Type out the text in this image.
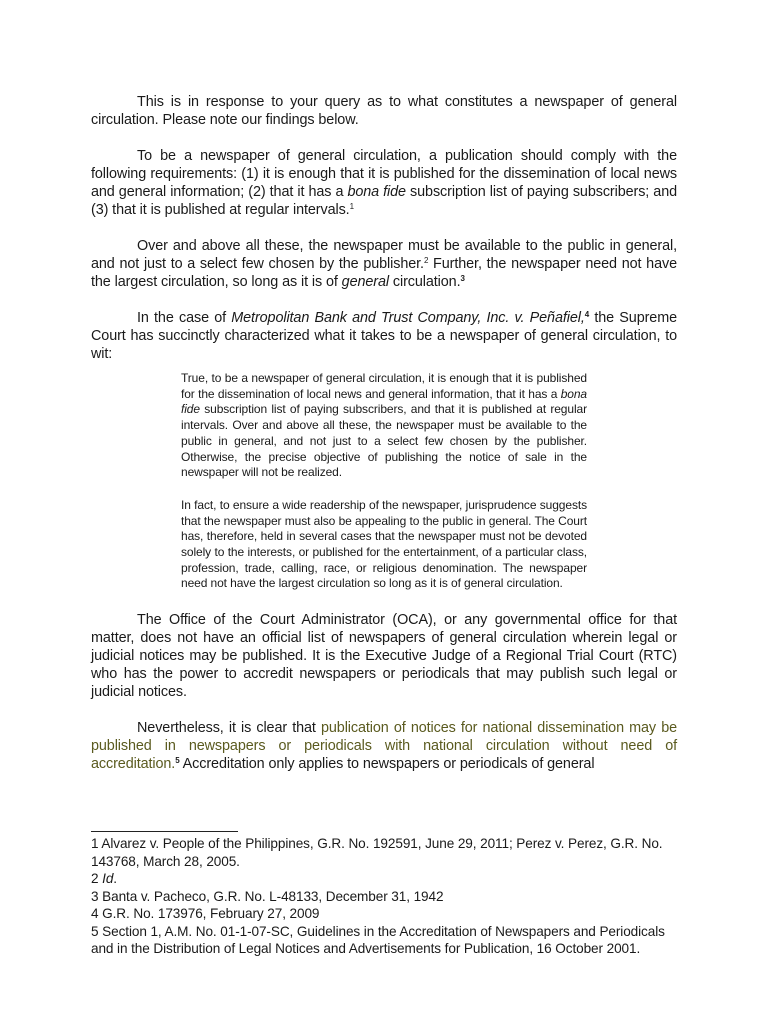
This is in response to your query as to what constitutes a newspaper of general circulation. Please note our findings below.

To be a newspaper of general circulation, a publication should comply with the following requirements: (1) it is enough that it is published for the dissemination of local news and general information; (2) that it has a bona fide subscription list of paying subscribers; and (3) that it is published at regular intervals.$^1$

Over and above all these, the newspaper must be available to the public in general, and not just to a select few chosen by the publisher.$^2$ Further, the newspaper need not have the largest circulation, so long as it is of general circulation.$^3$

In the case of Metropolitan Bank and Trust Company, Inc. v. Peñafiel,$^4$ the Supreme Court has succinctly characterized what it takes to be a newspaper of general circulation, to wit:

True, to be a newspaper of general circulation, it is enough that it is published for the dissemination of local news and general information, that it has a bona fide subscription list of paying subscribers, and that it is published at regular intervals. Over and above all these, the newspaper must be available to the public in general, and not just to a select few chosen by the publisher. Otherwise, the precise objective of publishing the notice of sale in the newspaper will not be realized.

In fact, to ensure a wide readership of the newspaper, jurisprudence suggests that the newspaper must also be appealing to the public in general. The Court has, therefore, held in several cases that the newspaper must not be devoted solely to the interests, or published for the entertainment, of a particular class, profession, trade, calling, race, or religious denomination. The newspaper need not have the largest circulation so long as it is of general circulation.

The Office of the Court Administrator (OCA), or any governmental office for that matter, does not have an official list of newspapers of general circulation wherein legal or judicial notices may be published. It is the Executive Judge of a Regional Trial Court (RTC) who has the power to accredit newspapers or periodicals that may publish such legal or judicial notices.

Nevertheless, it is clear that publication of notices for national dissemination may be published in newspapers or periodicals with national circulation without need of accreditation.$^5$ Accreditation only applies to newspapers or periodicals of general

1 Alvarez v. People of the Philippines, G.R. No. 192591, June 29, 2011; Perez v. Perez, G.R. No. 143768, March 28, 2005.

2 Id.

3 Banta v. Pacheco, G.R. No. L-48133, December 31, 1942

4 G.R. No. 173976, February 27, 2009

5 Section 1, A.M. No. 01-1-07-SC, Guidelines in the Accreditation of Newspapers and Periodicals and in the Distribution of Legal Notices and Advertisements for Publication, 16 October 2001.
